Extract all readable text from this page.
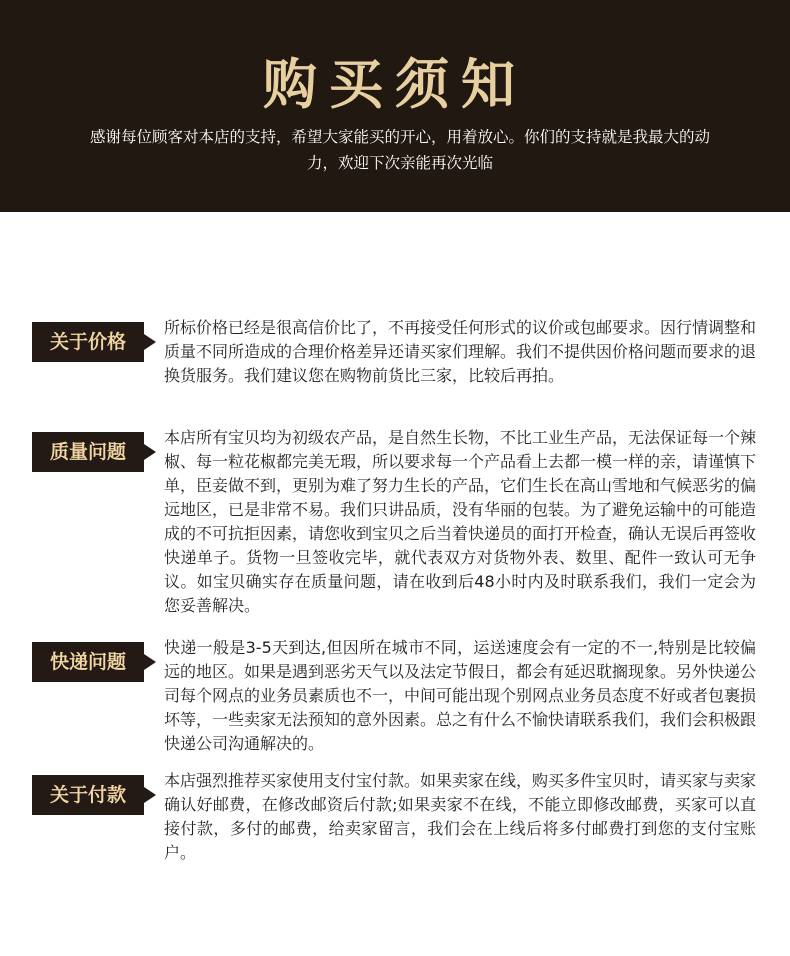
购买须知
感谢每位顾客对本店的支持，希望大家能买的开心，用着放心。你们的支持就是我最大的动力，欢迎下次亲能再次光临
关于价格
所标价格已经是很高信价比了，不再接受任何形式的议价或包邮要求。因行情调整和质量不同所造成的合理价格差异还请买家们理解。我们不提供因价格问题而要求的退换货服务。我们建议您在购物前货比三家，比较后再拍。
质量问题
本店所有宝贝均为初级农产品，是自然生长物，不比工业生产品，无法保证每一个辣椒、每一粒花椒都完美无瑕，所以要求每一个产品看上去都一模一样的亲，请谨慎下单，臣妾做不到，更别为难了努力生长的产品，它们生长在高山雪地和气候恶劣的偏远地区，已是非常不易。我们只讲品质，没有华丽的包装。为了避免运输中的可能造成的不可抗拒因素，请您收到宝贝之后当着快递员的面打开检查，确认无误后再签收快递单子。货物一旦签收完毕，就代表双方对货物外表、数里、配件一致认可无争议。如宝贝确实存在质量问题，请在收到后48小时内及时联系我们，我们一定会为您妥善解决。
快递问题
快递一般是3-5天到达,但因所在城市不同，运送速度会有一定的不一,特别是比较偏远的地区。如果是遇到恶劣天气以及法定节假日，都会有延迟耽搁现象。另外快递公司每个网点的业务员素质也不一，中间可能出现个别网点业务员态度不好或者包裹损坏等，一些卖家无法预知的意外因素。总之有什么不愉快请联系我们，我们会积极跟快递公司沟通解决的。
关于付款
本店强烈推荐买家使用支付宝付款。如果卖家在线，购买多件宝贝时，请买家与卖家确认好邮费，在修改邮资后付款;如果卖家不在线，不能立即修改邮费，买家可以直接付款，多付的邮费，给卖家留言，我们会在上线后将多付邮费打到您的支付宝账户。
